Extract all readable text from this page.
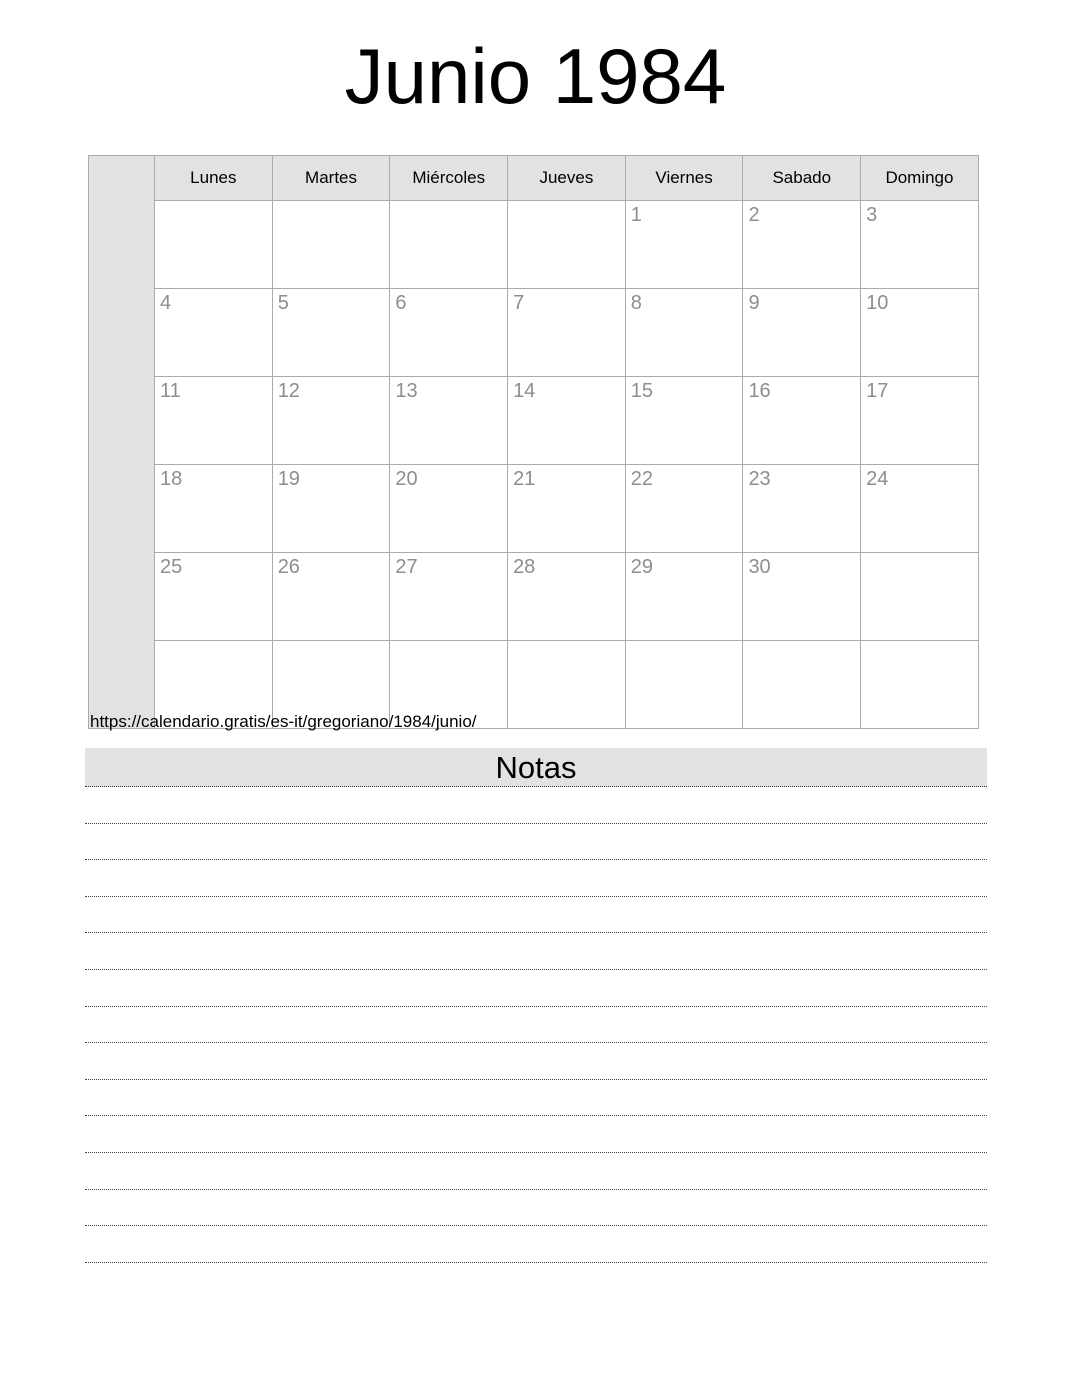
Junio 1984
	Lunes	Martes	Miércoles	Jueves	Viernes	Sabado	Domingo
					1	2	3
	4	5	6	7	8	9	10
	11	12	13	14	15	16	17
	18	19	20	21	22	23	24
	25	26	27	28	29	30	

https://calendario.gratis/es-it/gregoriano/1984/junio/
Notas
